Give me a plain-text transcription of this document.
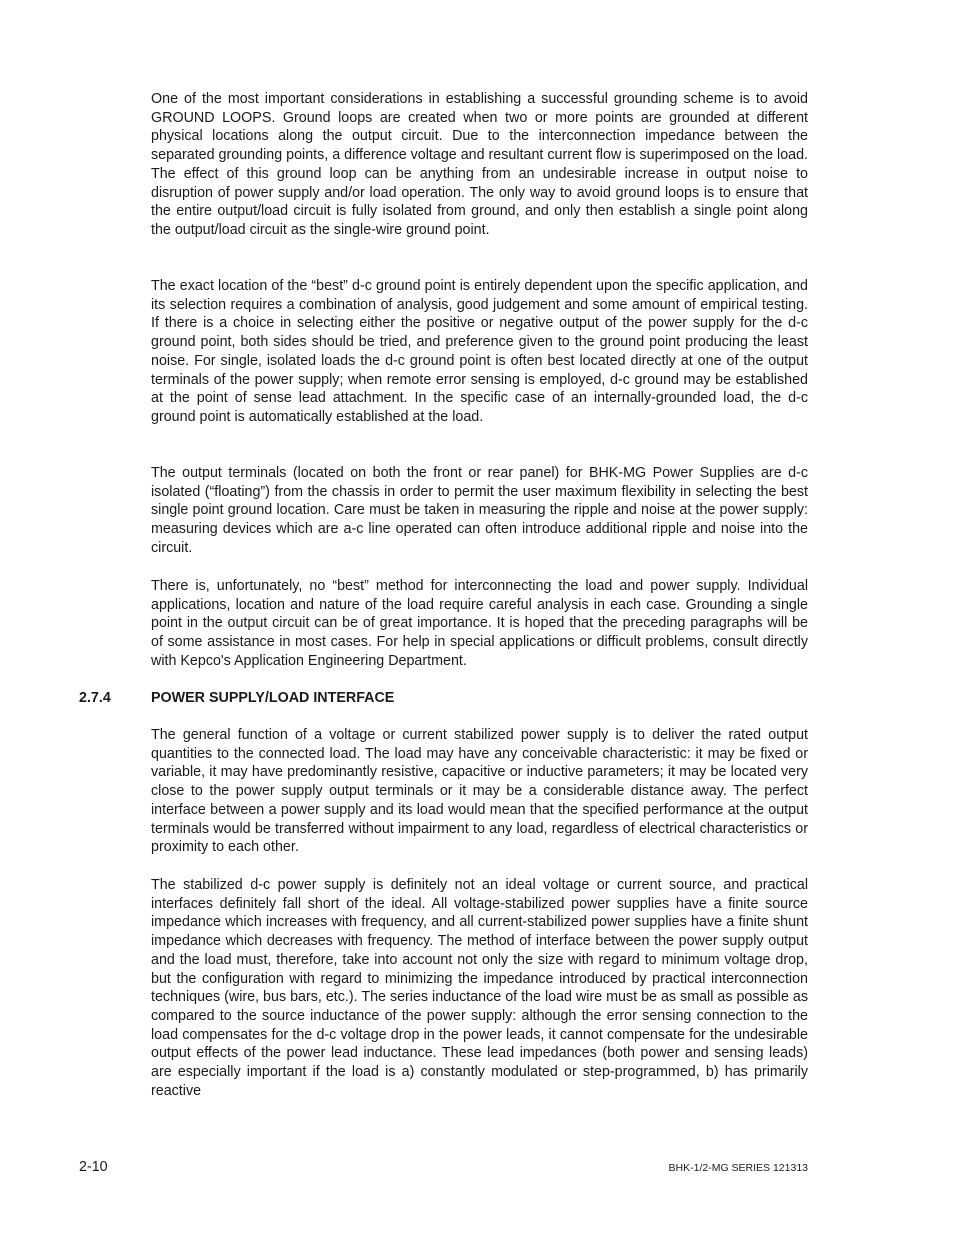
One of the most important considerations in establishing a successful grounding scheme is to avoid GROUND LOOPS. Ground loops are created when two or more points are grounded at different physical locations along the output circuit. Due to the interconnection impedance between the separated grounding points, a difference voltage and resultant current flow is superimposed on the load. The effect of this ground loop can be anything from an undesirable increase in output noise to disruption of power supply and/or load operation. The only way to avoid ground loops is to ensure that the entire output/load circuit is fully isolated from ground, and only then establish a single point along the output/load circuit as the single-wire ground point.

The exact location of the “best” d-c ground point is entirely dependent upon the specific application, and its selection requires a combination of analysis, good judgement and some amount of empirical testing. If there is a choice in selecting either the positive or negative output of the power supply for the d-c ground point, both sides should be tried, and preference given to the ground point producing the least noise. For single, isolated loads the d-c ground point is often best located directly at one of the output terminals of the power supply; when remote error sensing is employed, d-c ground may be established at the point of sense lead attachment. In the specific case of an internally-grounded load, the d-c ground point is automatically established at the load.

The output terminals (located on both the front or rear panel) for BHK-MG Power Supplies are d-c isolated (“floating”) from the chassis in order to permit the user maximum flexibility in selecting the best single point ground location. Care must be taken in measuring the ripple and noise at the power supply: measuring devices which are a-c line operated can often introduce additional ripple and noise into the circuit.

There is, unfortunately, no “best” method for interconnecting the load and power supply. Individual applications, location and nature of the load require careful analysis in each case. Grounding a single point in the output circuit can be of great importance. It is hoped that the preceding paragraphs will be of some assistance in most cases. For help in special applications or difficult problems, consult directly with Kepco's Application Engineering Department.

2.7.4	POWER SUPPLY/LOAD INTERFACE

The general function of a voltage or current stabilized power supply is to deliver the rated output quantities to the connected load. The load may have any conceivable characteristic: it may be fixed or variable, it may have predominantly resistive, capacitive or inductive parameters; it may be located very close to the power supply output terminals or it may be a considerable distance away. The perfect interface between a power supply and its load would mean that the specified performance at the output terminals would be transferred without impairment to any load, regardless of electrical characteristics or proximity to each other.

The stabilized d-c power supply is definitely not an ideal voltage or current source, and practical interfaces definitely fall short of the ideal. All voltage-stabilized power supplies have a finite source impedance which increases with frequency, and all current-stabilized power supplies have a finite shunt impedance which decreases with frequency. The method of interface between the power supply output and the load must, therefore, take into account not only the size with regard to minimum voltage drop, but the configuration with regard to minimizing the impedance introduced by practical interconnection techniques (wire, bus bars, etc.). The series inductance of the load wire must be as small as possible as compared to the source inductance of the power supply: although the error sensing connection to the load compensates for the d-c voltage drop in the power leads, it cannot compensate for the undesirable output effects of the power lead inductance. These lead impedances (both power and sensing leads) are especially important if the load is a) constantly modulated or step-programmed, b) has primarily reactive

2-10	BHK-1/2-MG SERIES 121313
